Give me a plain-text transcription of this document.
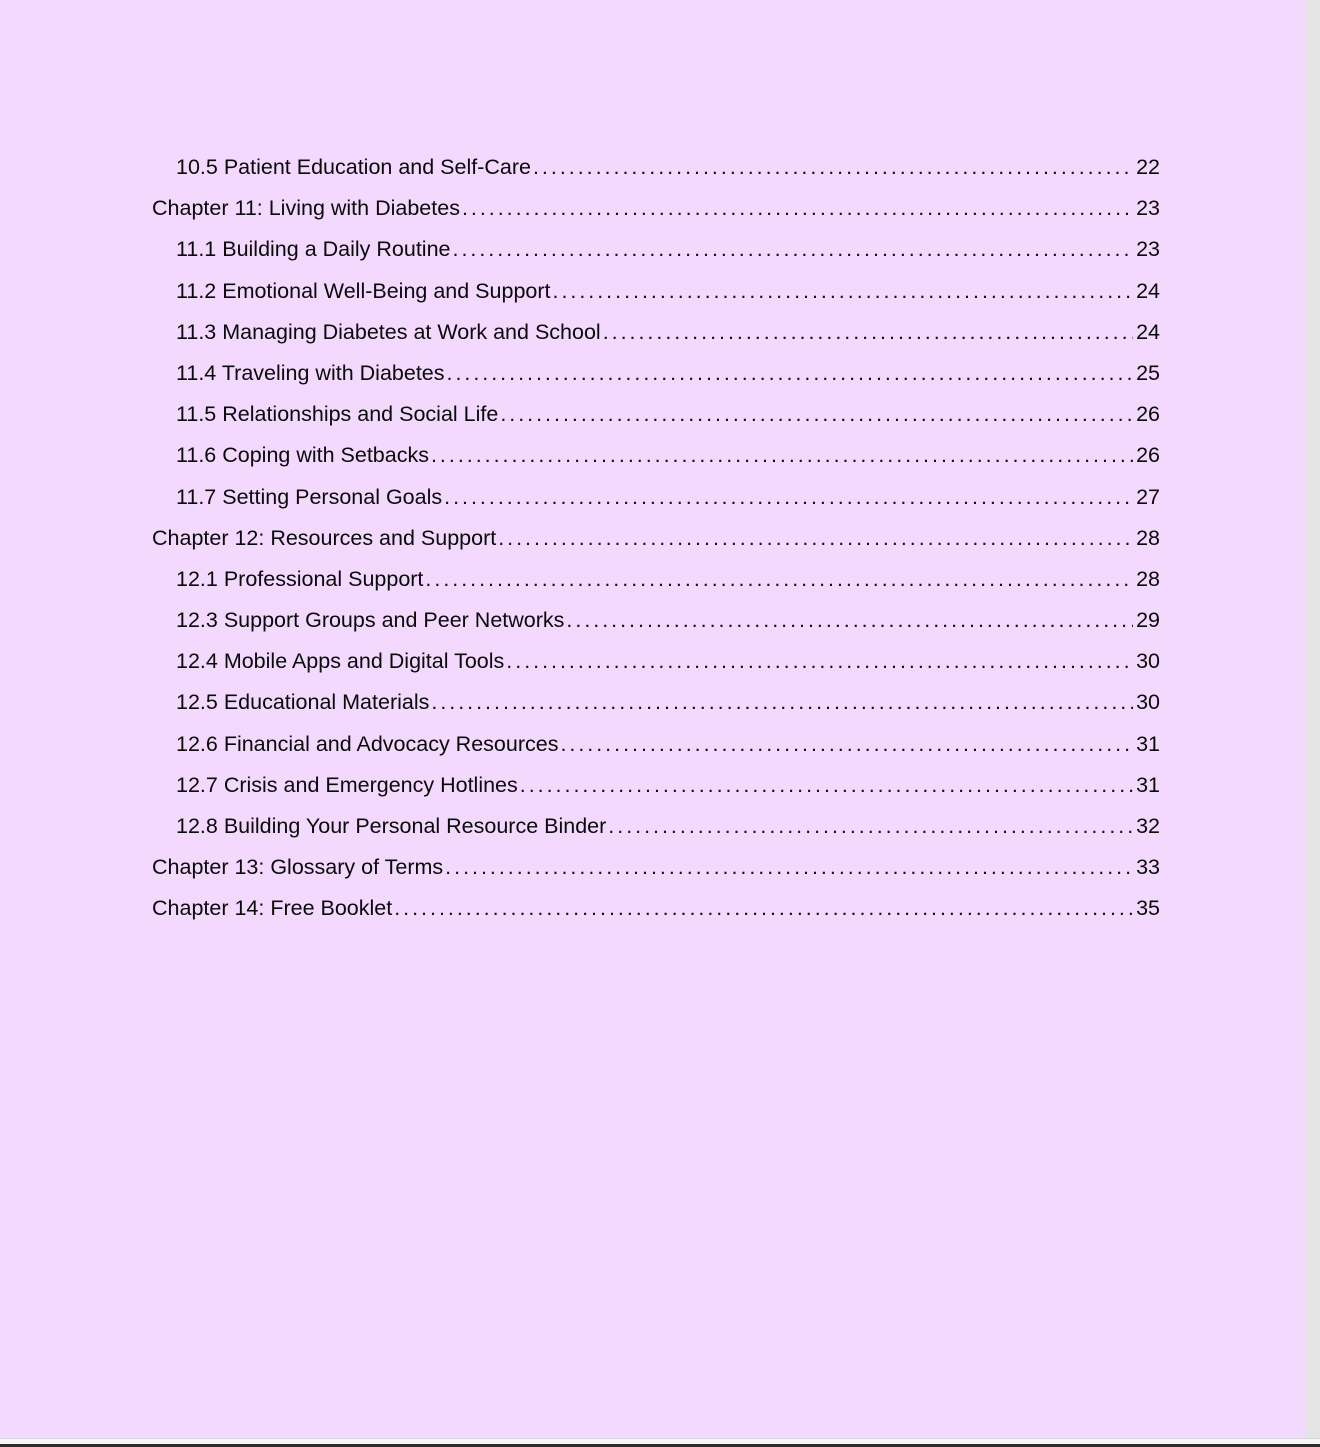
10.5 Patient Education and Self-Care . . .	22
Chapter 11: Living with Diabetes . . .	23
11.1 Building a Daily Routine . . .	23
11.2 Emotional Well-Being and Support . . .	24
11.3 Managing Diabetes at Work and School . . .	24
11.4 Traveling with Diabetes . . .	25
11.5 Relationships and Social Life . . .	26
11.6 Coping with Setbacks . . .	26
11.7 Setting Personal Goals . . .	27
Chapter 12: Resources and Support . . .	28
12.1 Professional Support . . .	28
12.3 Support Groups and Peer Networks . . .	29
12.4 Mobile Apps and Digital Tools . . .	30
12.5 Educational Materials . . .	30
12.6 Financial and Advocacy Resources . . .	31
12.7 Crisis and Emergency Hotlines . . .	31
12.8 Building Your Personal Resource Binder . . .	32
Chapter 13: Glossary of Terms . . .	33
Chapter 14: Free Booklet . . .	35
